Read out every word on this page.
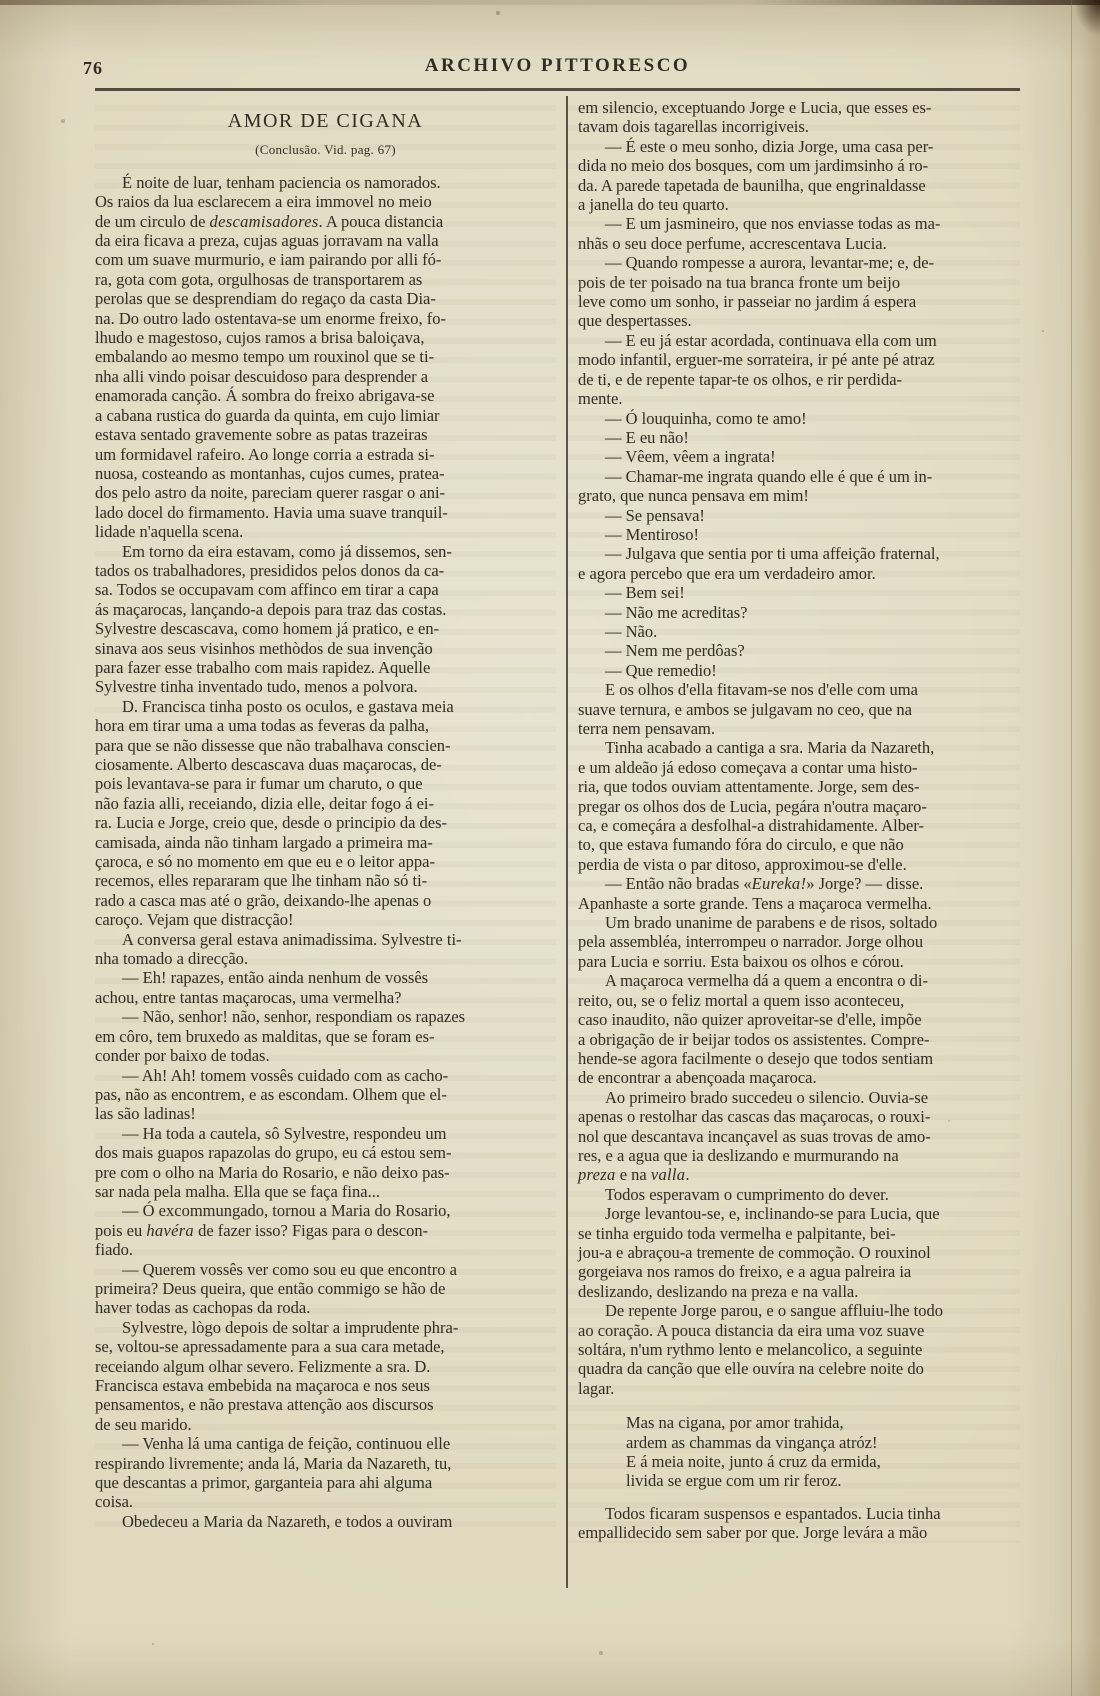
76	ARCHIVO PITTORESCO
AMOR DE CIGANA
(Conclusão. Vid. pag. 67)

É noite de luar, tenham paciencia os namorados.
Os raios da lua esclarecem a eira immovel no meio
de um circulo de descamisadores. A pouca distancia
da eira ficava a preza, cujas aguas jorravam na valla
com um suave murmurio, e iam pairando por alli fó-
ra, gota com gota, orgulhosas de transportarem as
perolas que se desprendiam do regaço da casta Dia-
na. Do outro lado ostentava-se um enorme freixo, fo-
lhudo e magestoso, cujos ramos a brisa baloiçava,
embalando ao mesmo tempo um rouxinol que se ti-
nha alli vindo poisar descuidoso para desprender a
enamorada canção. Á sombra do freixo abrigava-se
a cabana rustica do guarda da quinta, em cujo limiar
estava sentado gravemente sobre as patas trazeiras
um formidavel rafeiro. Ao longe corria a estrada si-
nuosa, costeando as montanhas, cujos cumes, pratea-
dos pelo astro da noite, pareciam querer rasgar o ani-
lado docel do firmamento. Havia uma suave tranquil-
lidade n'aquella scena.

Em torno da eira estavam, como já dissemos, sen-
tados os trabalhadores, presididos pelos donos da ca-
sa. Todos se occupavam com affinco em tirar a capa
ás maçarocas, lançando-a depois para traz das costas.
Sylvestre descascava, como homem já pratico, e en-
sinava aos seus visinhos methòdos de sua invenção
para fazer esse trabalho com mais rapidez. Aquelle
Sylvestre tinha inventado tudo, menos a polvora.

D. Francisca tinha posto os oculos, e gastava meia
hora em tirar uma a uma todas as feveras da palha,
para que se não dissesse que não trabalhava conscien-
ciosamente. Alberto descascava duas maçarocas, de-
pois levantava-se para ir fumar um charuto, o que
não fazia alli, receiando, dizia elle, deitar fogo á ei-
ra. Lucia e Jorge, creio que, desde o principio da des-
camisada, ainda não tinham largado a primeira ma-
çaroca, e só no momento em que eu e o leitor appa-
recemos, elles repararam que lhe tinham não só ti-
rado a casca mas até o grão, deixando-lhe apenas o
caroço. Vejam que distracção!

A conversa geral estava animadissima. Sylvestre ti-
nha tomado a direcção.

— Eh! rapazes, então ainda nenhum de vossês
achou, entre tantas maçarocas, uma vermelha?

— Não, senhor! não, senhor, respondiam os rapazes
em côro, tem bruxedo as malditas, que se foram es-
conder por baixo de todas.

— Ah! Ah! tomem vossês cuidado com as cacho-
pas, não as encontrem, e as escondam. Olhem que el-
las são ladinas!

— Ha toda a cautela, sô Sylvestre, respondeu um
dos mais guapos rapazolas do grupo, eu cá estou sem-
pre com o olho na Maria do Rosario, e não deixo pas-
sar nada pela malha. Ella que se faça fina...

— Ó excommungado, tornou a Maria do Rosario,
pois eu havéra de fazer isso? Figas para o descon-
fiado.

— Querem vossês ver como sou eu que encontro a
primeira? Deus queira, que então commigo se hão de
haver todas as cachopas da roda.

Sylvestre, lògo depois de soltar a imprudente phra-
se, voltou-se apressadamente para a sua cara metade,
receiando algum olhar severo. Felizmente a sra. D.
Francisca estava embebida na maçaroca e nos seus
pensamentos, e não prestava attenção aos discursos
de seu marido.

— Venha lá uma cantiga de feição, continuou elle
respirando livremente; anda lá, Maria da Nazareth, tu,
que descantas a primor, garganteia para ahi alguma
coisa.

Obedeceu a Maria da Nazareth, e todos a ouviram

em silencio, exceptuando Jorge e Lucia, que esses es-
tavam dois tagarellas incorrigiveis.

— É este o meu sonho, dizia Jorge, uma casa per-
dida no meio dos bosques, com um jardimsinho á ro-
da. A parede tapetada de baunilha, que engrinaldasse
a janella do teu quarto.

— E um jasmineiro, que nos enviasse todas as ma-
nhãs o seu doce perfume, accrescentava Lucia.

— Quando rompesse a aurora, levantar-me; e, de-
pois de ter poisado na tua branca fronte um beijo
leve como um sonho, ir passeiar no jardim á espera
que despertasses.

— E eu já estar acordada, continuava ella com um
modo infantil, erguer-me sorrateira, ir pé ante pé atraz
de ti, e de repente tapar-te os olhos, e rir perdida-
mente.

— Ó louquinha, como te amo!

— E eu não!

— Vêem, vêem a ingrata!

— Chamar-me ingrata quando elle é que é um in-
grato, que nunca pensava em mim!

— Se pensava!

— Mentiroso!

— Julgava que sentia por ti uma affeição fraternal,
e agora percebo que era um verdadeiro amor.

— Bem sei!

— Não me acreditas?

— Não.

— Nem me perdôas?

— Que remedio!

E os olhos d'ella fitavam-se nos d'elle com uma
suave ternura, e ambos se julgavam no ceo, que na
terra nem pensavam.

Tinha acabado a cantiga a sra. Maria da Nazareth,
e um aldeão já edoso começava a contar uma histo-
ria, que todos ouviam attentamente. Jorge, sem des-
pregar os olhos dos de Lucia, pegára n'outra maçaro-
ca, e começára a desfolhal-a distrahidamente. Alber-
to, que estava fumando fóra do circulo, e que não
perdia de vista o par ditoso, approximou-se d'elle.

— Então não bradas «Eureka!» Jorge? — disse.
Apanhaste a sorte grande. Tens a maçaroca vermelha.

Um brado unanime de parabens e de risos, soltado
pela assembléa, interrompeu o narrador. Jorge olhou
para Lucia e sorriu. Esta baixou os olhos e córou.

A maçaroca vermelha dá a quem a encontra o di-
reito, ou, se o feliz mortal a quem isso aconteceu,
caso inaudito, não quizer aproveitar-se d'elle, impõe
a obrigação de ir beijar todos os assistentes. Compre-
hende-se agora facilmente o desejo que todos sentiam
de encontrar a abençoada maçaroca.

Ao primeiro brado succedeu o silencio. Ouvia-se
apenas o restolhar das cascas das maçarocas, o rouxi-
nol que descantava incançavel as suas trovas de amo-
res, e a agua que ia deslizando e murmurando na
preza e na valla.

Todos esperavam o cumprimento do dever.

Jorge levantou-se, e, inclinando-se para Lucia, que
se tinha erguido toda vermelha e palpitante, bei-
jou-a e abraçou-a tremente de commoção. O rouxinol
gorgeiava nos ramos do freixo, e a agua palreira ia
deslizando, deslizando na preza e na valla.

De repente Jorge parou, e o sangue affluiu-lhe todo
ao coração. A pouca distancia da eira uma voz suave
soltára, n'um rythmo lento e melancolico, a seguinte
quadra da canção que elle ouvíra na celebre noite do
lagar.

Mas na cigana, por amor trahida,
ardem as chammas da vingança atróz!
E á meia noite, junto á cruz da ermida,
livida se ergue com um rir feroz.

Todos ficaram suspensos e espantados. Lucia tinha
empallidecido sem saber por que. Jorge levára a mão
